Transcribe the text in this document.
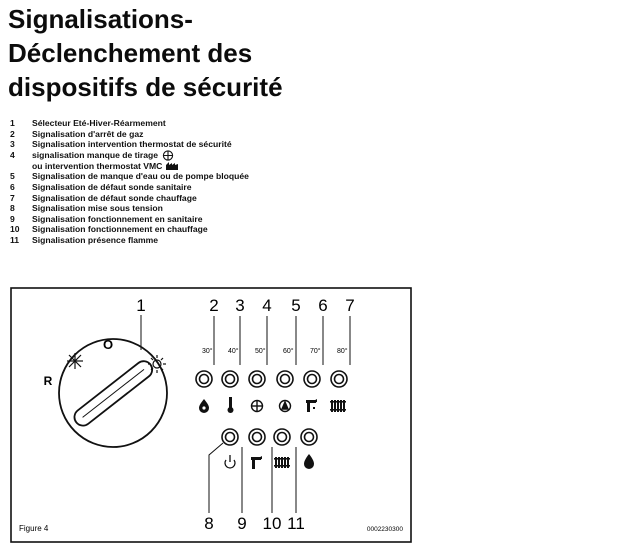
Signalisations-
Déclenchement des
dispositifs de sécurité
1	Sélecteur Eté-Hiver-Réarmement
2	Signalisation d'arrêt de gaz
3	Signalisation intervention thermostat de sécurité
4	signalisation manque de tirage
ou intervention thermostat VMC
5	Signalisation de manque d'eau ou de pompe bloquée
6	Signalisation de défaut sonde sanitaire
7	Signalisation de défaut sonde chauffage
8	Signalisation mise sous tension
9	Signalisation fonctionnement en sanitaire
10	Signalisation fonctionnement en chauffage
11	Signalisation présence flamme
1
O
R
2 3 4 5 6 7
30° 40° 50° 60° 70° 80°
8 9 10 11
Figure 4	0002230300
